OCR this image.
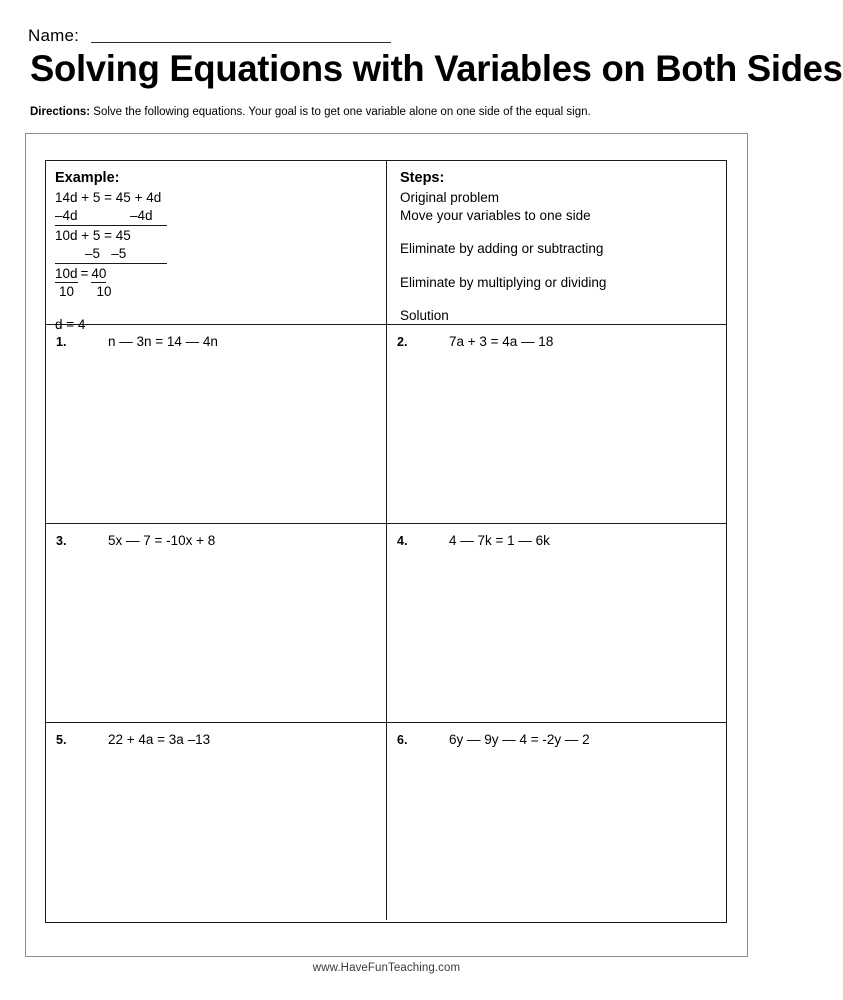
Name:
Solving Equations with Variables on Both Sides
Directions: Solve the following equations. Your goal is to get one variable alone on one side of the equal sign.
Example:
14d + 5 = 45 + 4d
–4d              –4d
10d + 5 = 45
–5   –5
10d = 40
10      10
d = 4
Steps:
Original problem
Move your variables to one side
Eliminate by adding or subtracting
Eliminate by multiplying or dividing
Solution
1.	n — 3n = 14 — 4n	2.	7a + 3 = 4a — 18
3.	5x — 7 = -10x + 8	4.	4 — 7k = 1 — 6k
5.	22 + 4a = 3a –13	6.	6y — 9y — 4 = -2y — 2
www.HaveFunTeaching.com
